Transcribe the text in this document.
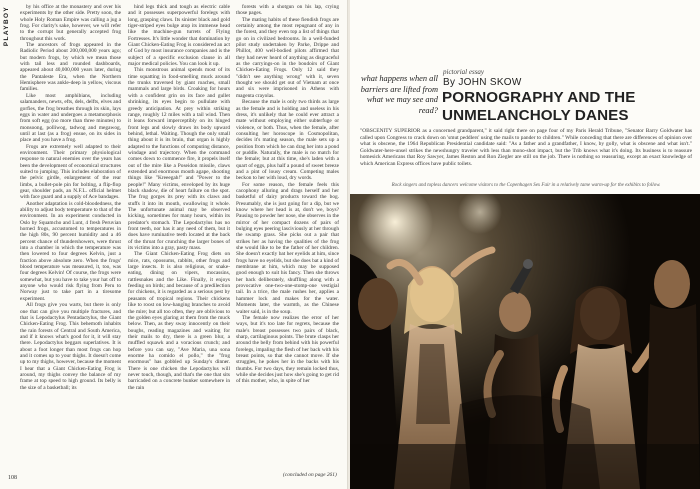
PLAYBOY	by his office at the monastery and over his experiments by the other side. Pretty soon, the whole Holy Roman Empire was calling a jug a frog. For clarity's sake, however, we will refer to the corrupt but generally accepted frog throughout this work.

The ancestors of frogs appeared in the Radiolic Period about 200,000,000 years ago; but modern frogs, by which we mean those with tail less and rounded dashboards, appeared about 40,000,000 years later, during the Pantaleste Era, when the Northern Hemisphere was ankle-deep in yellow, viscous families.

Like most amphibians, including salamanders, newts, efts, dels, delfts, elves and gorfies, the frog breathes through its skin, lays eggs in water and undergoes a metamorphosis from soft egg (no more than three minutes) to monsoong, polliwog, tadwog and megawog, until at last (as a frog) ensue, on its sides in place and you have a frog.

Frogs are extremely well adapted to their environment. Their primary physiological response to natural enemies over the years has been the development of economical structures suited to jumping. This includes elaboration of the pelvic girdle, enlargement of the rear limbs, a bullet-pole pin for bolting, a flip-flop gear, shoulder pads, an N.F.L. official helmet with face guard and a supply of Ace bandages.

Another adaptation is cold-bloodedness, the ability to adjust body temperature to that of the environment. In an experiment conducted in Oslo by Squamcho and Lunt, 4 fresh Peruvian horned frogs, accustomed to temperatures in the high 80s, 90 percent humidity and a 46 percent chance of thundershowers, were thrust into a chamber in which the temperature was then lowered to four degrees Kelvin, just a fraction above absolute zero. When the frogs' blood temperature was measured, it, too, was four degrees Kelvin! Of course, the frogs were somewhat, but you have to take your hat off to anyone who would risk flying from Peru to Norway just to take part in a tiresome experiment.

All frogs give you warts, but there is only one that can give you multiple fractures, and that is Lepodactylus Pentadactylus, the Giant Chicken-Eating Frog. This behemoth inhabits the rain forests of Central and South America, and if it knows what's good for it, it will stay there. Lepodactylus beggars superlatives. It is about a foot longer than most frogs can hop and it comes up to your thighs. It doesn't come up to my thighs, however, because the moment I hear that a Giant Chicken-Eating Frog is around, my thighs convey the balance of my frame at top speed to high ground. Its belly is the size of a basketball; its

hind legs thick and tough as electric cable and it possesses superpowerful forelegs with long, grasping claws. Its sinister black and gold tiger-striped eyes bulge atop its immense head like the machine-gun turrets of Flying Fortresses. It's little wonder that domination by Giant Chicken-Eating Frog is considered an act of God by most insurance companies and is the subject of a specific exclusion clause in all major medical policies. You can look it up.

This monstrous animal spends most of its time squatting in food-smelling muck around the trunks traversed by giant roaches, small mammals and large birds. Croaking for hours with a confident grin on its face and gullet shrinking, its eyes begin to pullulate with greedy anticipation. At prey within striking range, roughly 12 miles with a tail wind. Then it leans forward imperceptibly on its hinged front legs and slowly draws its body upward behind, lethal. Waiting. Though the only small thing about it is its brain, that organ is highly adapted to the functions of computing distance, windage and trajectory. When the command comes down to commence fire, it propels itself out of the mire like a Poseidon missile, claws extended and enormous mouth agape, shooting things like "Kreeegah!" and "Power to the people!" Many victims, enveloped by its huge black shadow, die of heart failure on the spot. The frog gorges its prey with its claws and stuffs it into its mouth, swallowing it whole. The unfortunate animal may be observed kicking, sometimes for many hours, within its predator's stomach. The Lepodactylus has no front teeth, nor has it any need of them, but it does have ruminative teeth located at the back of the throat for crunching the larger bones of its victims into a gray, pasty mass.

The Giant Chicken-Eating Frog diets on mice, rats, opossums, rabbits, other frogs and large insects. It is also religious, or snake-eating, dining on vipers, mocassins, rattlesnakes and the Like. Finally, it enjoys feeding on birds; and because of a predilection for chickens, it is regarded as a serious pest by peasants of tropical regions. Their chickens like to roost on low-hanging branches to avoid the mire; but all too often, they are oblivious to the golden eyes glaring at them from the muck below. Then, as they sway innocently on their boughs, reading magazines and waiting for their mails to dry, there is a green blur, a muffled squawk and a voracious crunch; and before you can say, "Ave Maria, una sona enorme ha comido el pollo," the "frog enormous" has gobbled up Sunday's dinner. There is one chicken the Lepodactylus will never touch, though, and that's the one that sits barricaded on a concrete bunker somewhere in the rain

forests with a shotgun on his lap, crying those pages.

The mating habits of these fiendish frogs are certainly among the most repugnant of any in the forest, and they even top a list of things that go on in civilized bedrooms. In a well-funded pilot study undertaken by Parke, Drippe and Phillot, 400 well-bodied pilots affirmed that they had never heard of anything as disgraceful as the carryings-on in the boudoirs of Giant Chicken-Eating Frogs. Only 12 said they "didn't see anything wrong" with it, seven thought we should get out of Vietnam at once and six were imprisoned in Athens with magenta crayolas.

Because the male is only two thirds as large as the female and is holding and useless in his dress, it's unlikely that he could ever attract a mate without employing either subterfuge or violence, or both. Thus, when the female, after consulting her horoscope in Cosmopolitan, decides it's mating season, the male sets up a position from which he can drag her into a pond or puddle. Naturally, the male is no match for the female; but at this time, she's laden with a quart of eggs, plus half a pound of sweet breeze and a pint of lousy cream. Competing males beckon to her with loud, dry words.

For some reason, the female feels this cacophony alluring and drags herself and her basketful of dairy products toward the bog. Presumably, she is just going for a dip, but we know where her head is at, don't we, boys? Pausing to powder her nose, she observes in the mirror of her compact dozens of pairs of bulging eyes peering lasciviously at her through the swamp grass. She picks out a pair that strikes her as having the qualities of the frog she would like to be the father of her children. She doesn't exactly bat her eyelids at him, since frogs have no eyelids, but she does bat a kind of membrane at him, which may be supposed good enough to suit his fancy. Then she throws her back deliberately, shuffling along with a provocative one-two-one-stomp-one vestigial tail. In a trice, the male rushes her, applies a hammer lock and makes for the water. Moments later, the warmth, as the Chinese waiter said, is in the soup.

The female now realizes the error of her ways, but it's too late for regrets, because the male's breast possesses two pairs of black, sharp, cartilaginous points. The brute clasps her around the belly from behind with his powerful forelegs, impaling the flesh of her back with his breast points, so that she cannot move. If she struggles, he pokes her in the backs with his thumbs. For two days, they remain locked thus, while she decides just how she's going to get rid of this mother, who, in spite of her

(concluded on page 261)
108
what happens when all barriers are lifted from what we may see and read?
pictorial essay
By JOHN SKOW
PORNOGRAPHY AND THE UNMELANCHOLY DANES

"OBSCENITY SUPERIOR as a concerned grandparent," it said right there on page four of my Paris Herald Tribune, "Senator Barry Goldwater has called upon Congress to crack down on 'smut peddlers' using the mails to pander to children." While conceding that there are differences of opinion over what is obscene, the 1964 Republican Presidential candidate said: "As a father and a grandfather, I know, by golly, what is obscene and what isn't." Goldwater-here-unsel strikes the newshungry traveler with less than mono-shot impact, but the Trib knows what it's doing. Its business is to reassure homesick Americans that Roy Sawyer, James Reston and Ron Ziegler are still on the job. There is nothing so reassuring, except an exact knowledge of which American Express offices have public toilets.

Rock singers and topless dancers welcome visitors to the Copenhagen Sex Fair in a relatively tame warm-up for the exhibits to follow.
